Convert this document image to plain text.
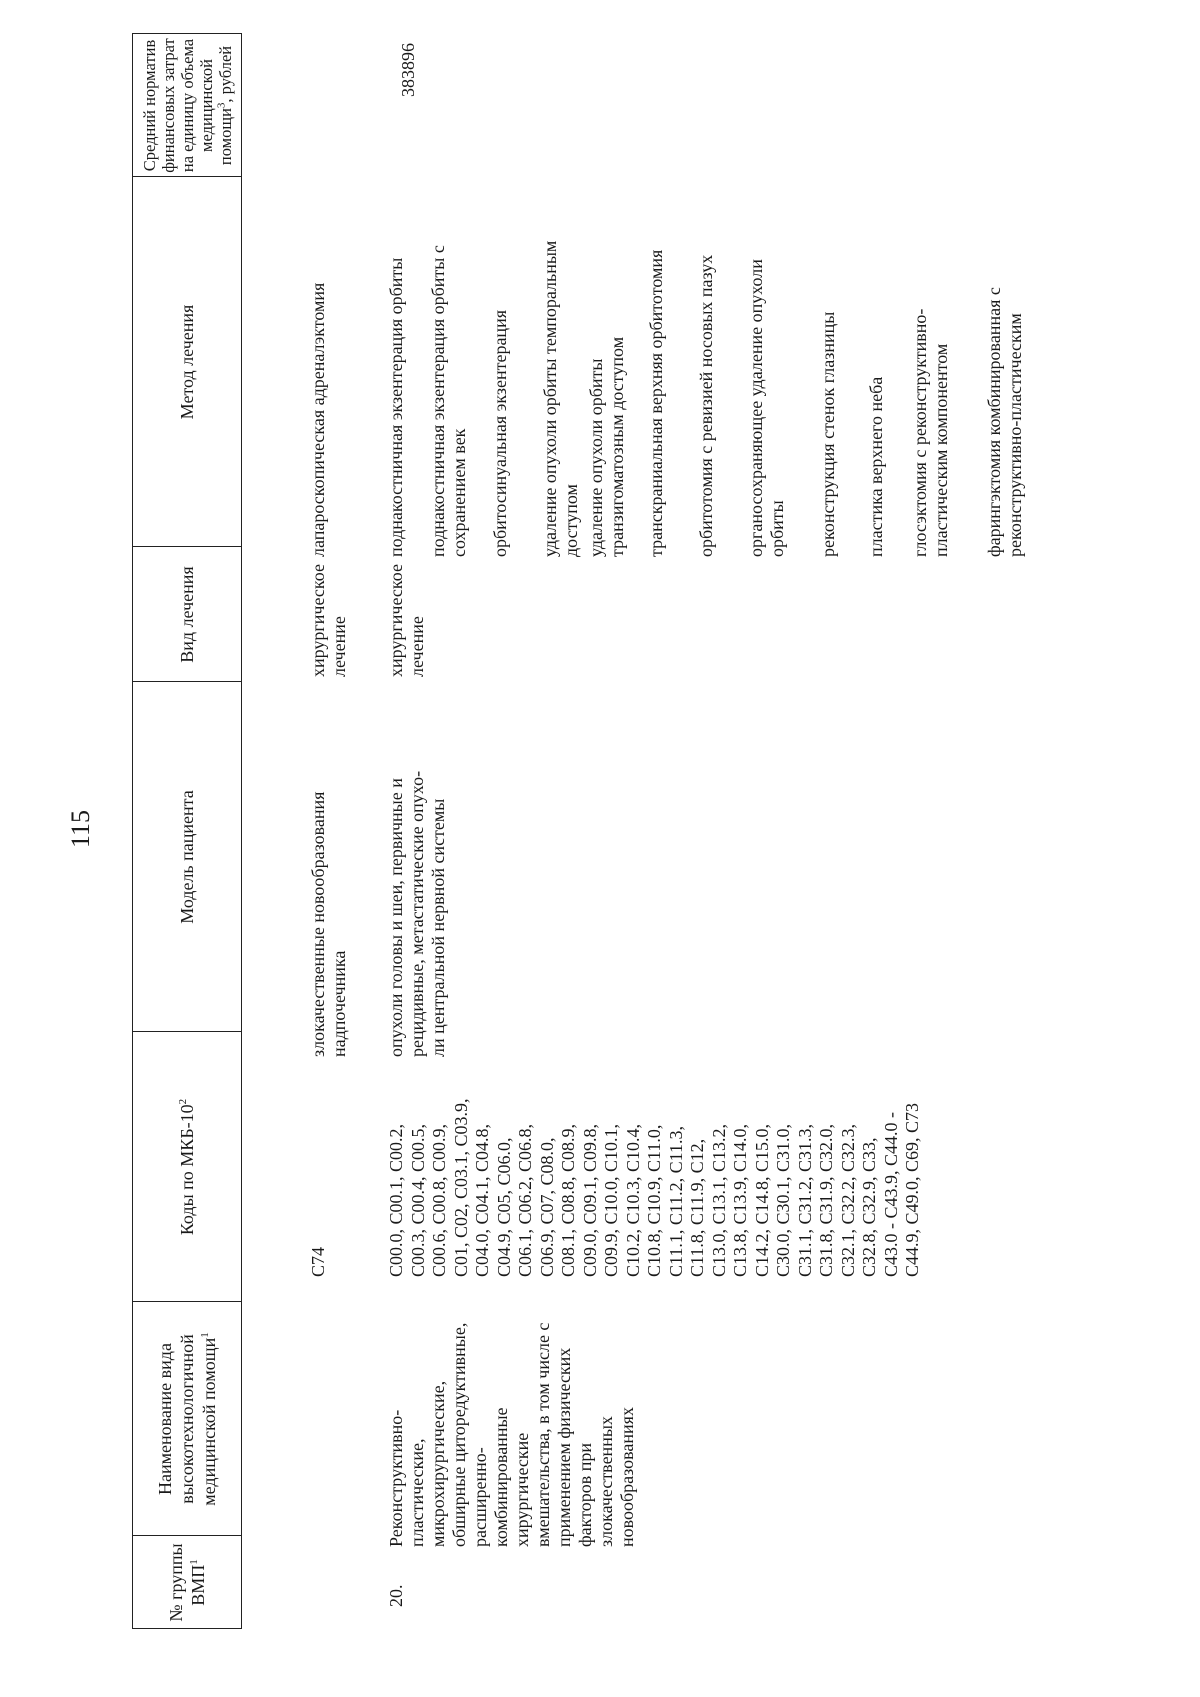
115
№ группы ВМП$^1$
Наименование вида высокотехнологичной медицинской помощи$^1$
Коды по МКБ-$10^2$
Модель пациента
Вид лечения
Метод лечения
Средний норматив финансовых затрат на единицу объема медицинской помощи$^3$, рублей
C74
злокачественные новообразования
надпочечника
хирургическое
лечение
лапароскопическая адреналэктомия
20.
Реконструктивно-
пластические,
микрохирургические,
обширные циторедуктивные,
расширенно-
комбинированные
хирургические
вмешательства, в том числе с
применением физических
факторов при
злокачественных
новообразованиях
C00.0, C00.1, C00.2,
C00.3, C00.4, C00.5,
C00.6, C00.8, C00.9,
C01, C02, C03.1, C03.9,
C04.0, C04.1, C04.8,
C04.9, C05, C06.0,
C06.1, C06.2, C06.8,
C06.9, C07, C08.0,
C08.1, C08.8, C08.9,
C09.0, C09.1, C09.8,
C09.9, C10.0, C10.1,
C10.2, C10.3, C10.4,
C10.8, C10.9, C11.0,
C11.1, C11.2, C11.3,
C11.8, C11.9, C12,
C13.0, C13.1, C13.2,
C13.8, C13.9, C14.0,
C14.2, C14.8, C15.0,
C30.0, C30.1, C31.0,
C31.1, C31.2, C31.3,
C31.8, C31.9, C32.0,
C32.1, C32.2, C32.3,
C32.8, C32.9, C33,
C43.0 - C43.9, C44.0 -
C44.9, C49.0, C69, C73
опухоли головы и шеи, первичные и
рецидивные, метастатические опухо-
ли центральной нервной системы
хирургическое
лечение
383896
поднакостничная экзентерация орбиты поднакостничная экзентерация орбиты с
сохранением век орбитосинуальная экзентерация удаление опухоли орбиты темпоральным
доступом удаление опухоли орбиты
транзигоматозным доступом транскраниальная верхняя орбитотомия орбитотомия с ревизией носовых пазух органосохраняющее удаление опухоли
орбиты реконструкция стенок глазницы пластика верхнего неба глосэктомия с реконструктивно-
пластическим компонентом
фарингэктомия комбинированная с
реконструктивно-пластическим
